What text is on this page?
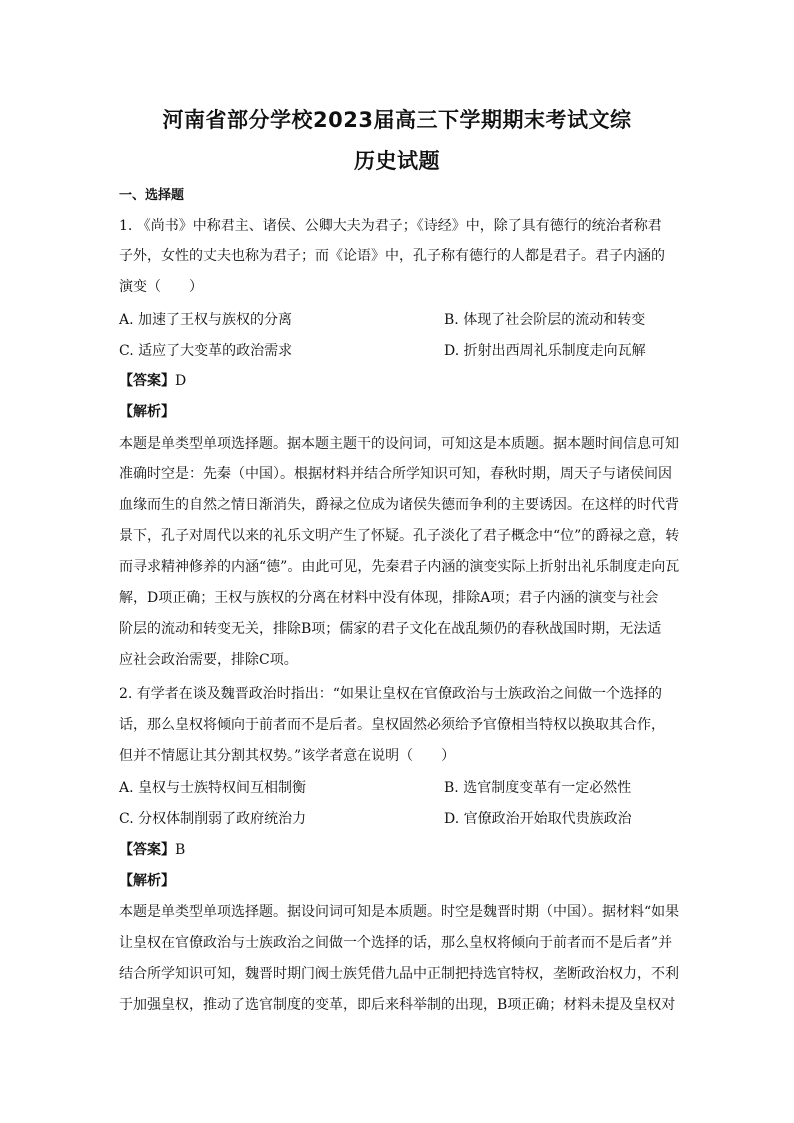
河南省部分学校2023届高三下学期期末考试文综
历史试题
一、选择题
1. 《尚书》中称君主、诸侯、公卿大夫为君子；《诗经》中，除了具有德行的统治者称君
子外，女性的丈夫也称为君子；而《论语》中，孔子称有德行的人都是君子。君子内涵的
演变（　　）
A. 加速了王权与族权的分离	B. 体现了社会阶层的流动和转变
C. 适应了大变革的政治需求	D. 折射出西周礼乐制度走向瓦解
【答案】D
【解析】
本题是单类型单项选择题。据本题主题干的设问词，可知这是本质题。据本题时间信息可知
准确时空是：先秦（中国）。根据材料并结合所学知识可知，春秋时期，周天子与诸侯间因
血缘而生的自然之情日渐消失，爵禄之位成为诸侯失德而争利的主要诱因。在这样的时代背
景下，孔子对周代以来的礼乐文明产生了怀疑。孔子淡化了君子概念中“位”的爵禄之意，转
而寻求精神修养的内涵“德”。由此可见，先秦君子内涵的演变实际上折射出礼乐制度走向瓦
解，D项正确；王权与族权的分离在材料中没有体现，排除A项；君子内涵的演变与社会
阶层的流动和转变无关，排除B项；儒家的君子文化在战乱频仍的春秋战国时期，无法适
应社会政治需要，排除C项。
2. 有学者在谈及魏晋政治时指出：“如果让皇权在官僚政治与士族政治之间做一个选择的
话，那么皇权将倾向于前者而不是后者。皇权固然必须给予官僚相当特权以换取其合作，
但并不情愿让其分割其权势。”该学者意在说明（　　）
A. 皇权与士族特权间互相制衡	B. 选官制度变革有一定必然性
C. 分权体制削弱了政府统治力	D. 官僚政治开始取代贵族政治
【答案】B
【解析】
本题是单类型单项选择题。据设问词可知是本质题。时空是魏晋时期（中国）。据材料“如果
让皇权在官僚政治与士族政治之间做一个选择的话，那么皇权将倾向于前者而不是后者”并
结合所学知识可知，魏晋时期门阀士族凭借九品中正制把持选官特权，垄断政治权力，不利
于加强皇权，推动了选官制度的变革，即后来科举制的出现，B项正确；材料未提及皇权对
